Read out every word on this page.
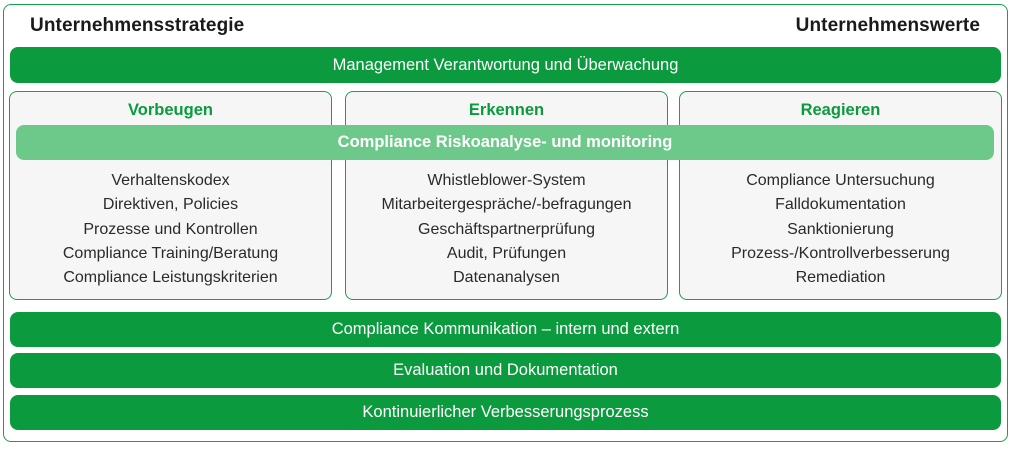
Unternehmensstrategie	Unternehmenswerte
Management Verantwortung und Überwachung
Vorbeugen
Verhaltenskodex
Direktiven, Policies
Prozesse und Kontrollen
Compliance Training/Beratung
Compliance Leistungskriterien
Erkennen
Whistleblower-System
Mitarbeitergespräche/-befragungen
Geschäftspartnerprüfung
Audit, Prüfungen
Datenanalysen
Reagieren
Compliance Untersuchung
Falldokumentation
Sanktionierung
Prozess-/Kontrollverbesserung
Remediation
Compliance Riskoanalyse- und monitoring
Compliance Kommunikation – intern und extern
Evaluation und Dokumentation
Kontinuierlicher Verbesserungsprozess
